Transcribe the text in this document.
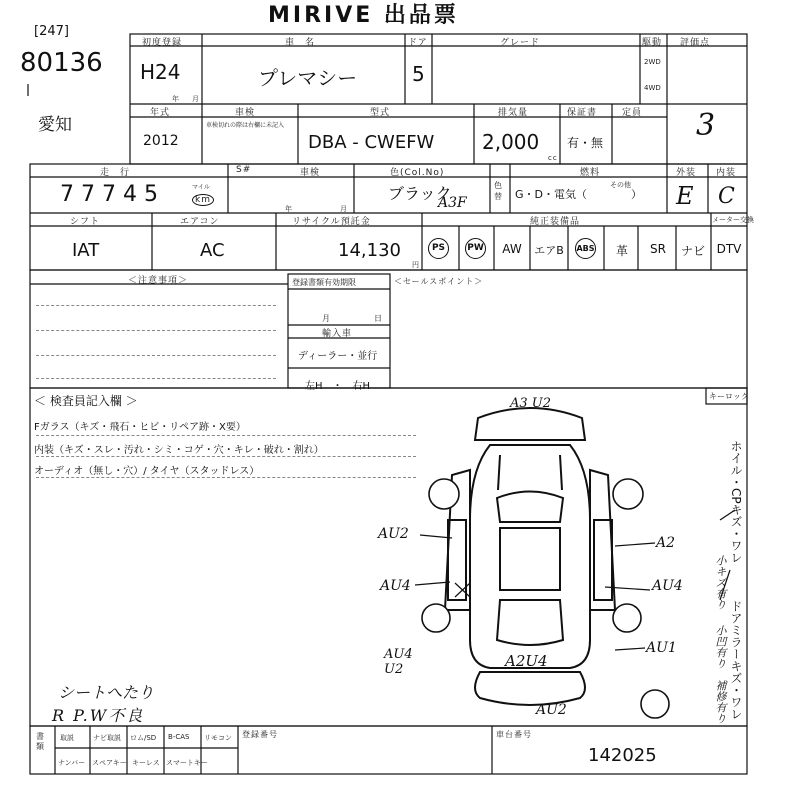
MIRIVE 出品票
[247]
80136
愛知
初度登録
H24
年 月
車　名
プレマシー
ドア
5
グレード	駆動
2WD
4WD
評価点
3
年式
2012
車検
車検切れの際は右欄に未記入
型式
DBA - CWEFW
排気量
2,000
cc
保証書
有・無
定員
走　行
77745	マイル
km
S#	車検
年	月
色(Col.No)
ブラック
A3F
色替
燃料
G・D・電気（　　　　）
その他
外装
E
内装
C
シフト
IAT
エアコン
AC
リサイクル預託金
14,130
円
純正装備品	メーター交換
PS	PW	AW	エアB ABS	革	SR	ナビ DTV
＜注意事項＞	登録書類有効期限
月	日
輸入車
ディーラー・並行
左H　・　右H
＜セールスポイント＞
＜ 検査員記入欄 ＞
Fガラス（キズ・飛石・ヒビ・リペア跡・X要）
内装（キズ・スレ・汚れ・シミ・コゲ・穴・キレ・破れ・割れ）
オーディオ（無し・穴）/ タイヤ（スタッドレス）
シートへたり
R P.W不良
キーロック
A3 U2
AU2
AU4
A2
AU4
AU4 U2	A2U4
AU1
AU2
ホイル・CPキズ・ワレ
小キズ有り
ドアミラーキズ・ワレ
小凹有り
補修有り
書類
取説	ナビ取説 ロム/SD B-CAS リモコン
ナンバー スペアキー キーレス スマートキー
登録番号	車台番号
142025
